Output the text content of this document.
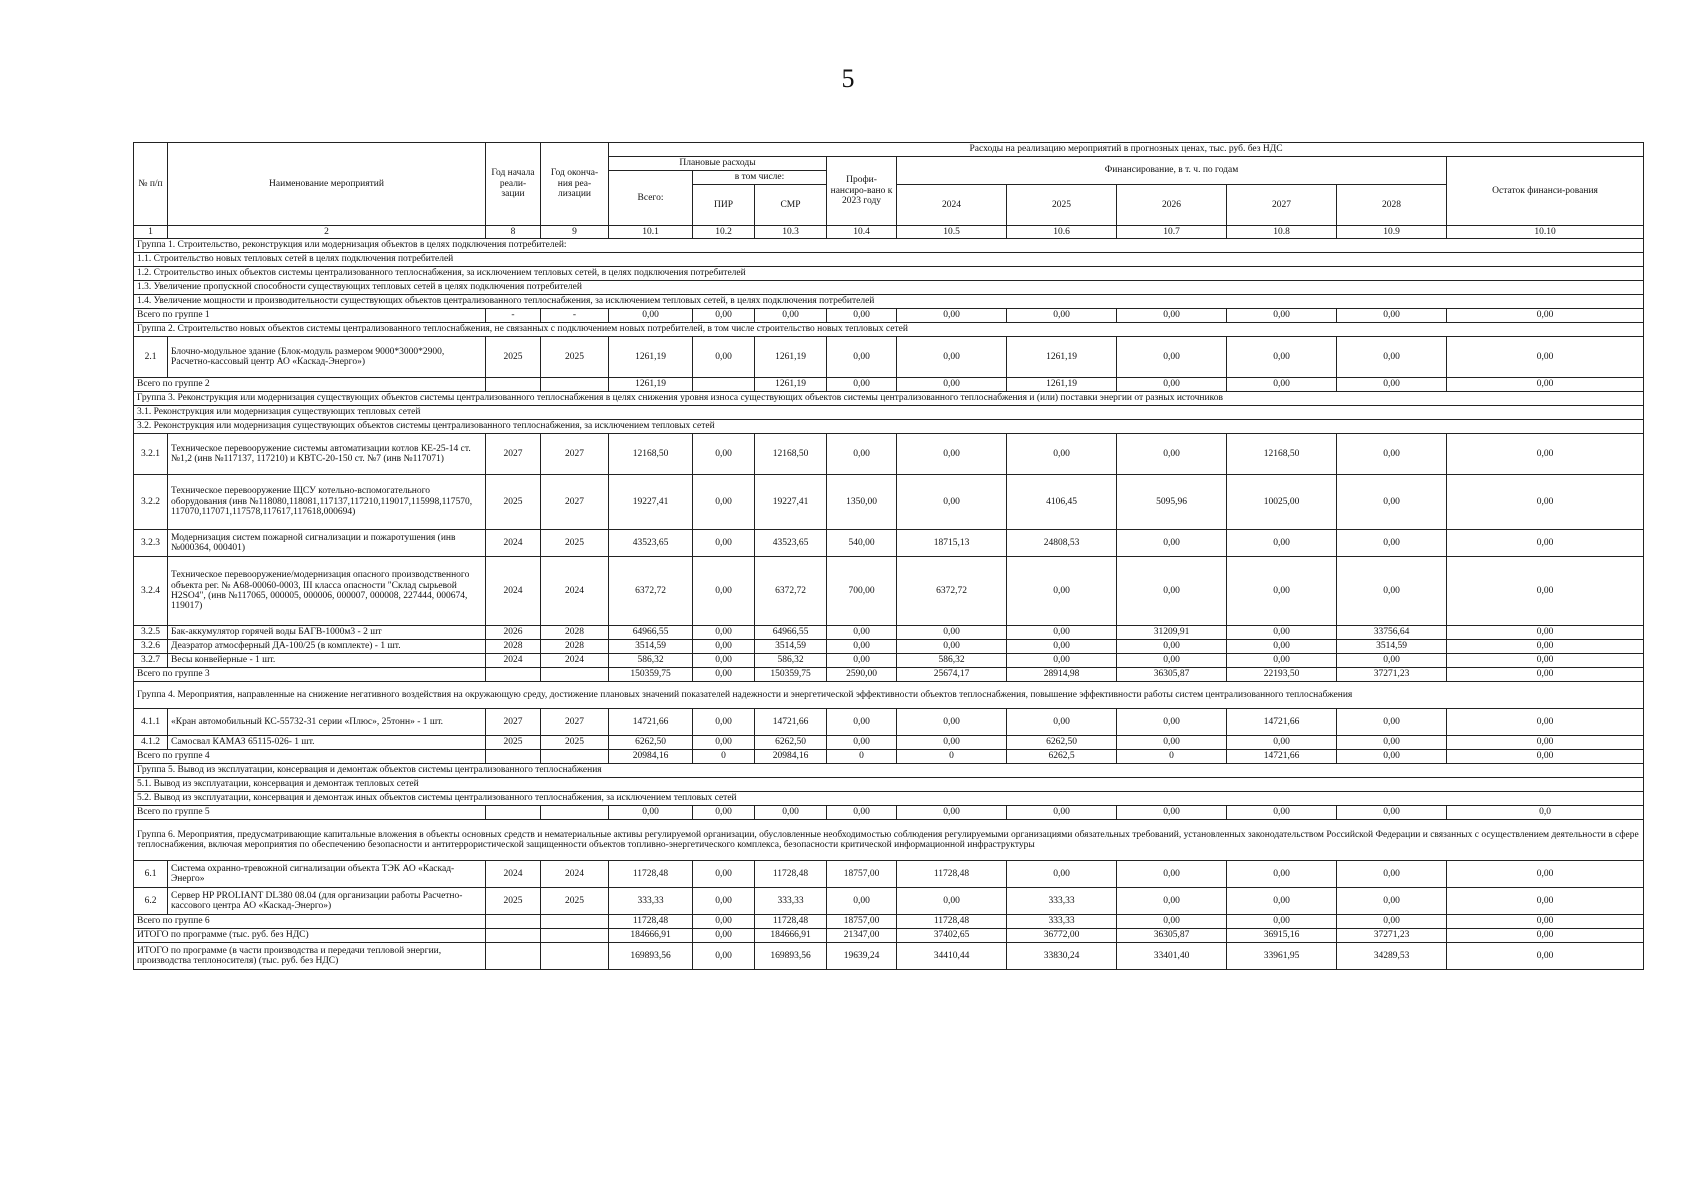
5
№ п/п	Наименование мероприятий	Год начала реали-зации	Год оконча-ния реа-лизации	Расходы на реализацию мероприятий в прогнозных ценах, тыс. руб. без НДС									
				Плановые расходы			Профи-нансиро-вано к 2023 году	Финансирование, в т. ч. по годам					Остаток финанси-рования
				Всего:	в том числе:								
					ПИР	СМР		2024	2025	2026	2027	2028	
1	2	8	9	10.1	10.2	10.3	10.4	10.5	10.6	10.7	10.8	10.9	10.10
Группа 1. Строительство, реконструкция или модернизация объектов в целях подключения потребителей:													
1.1. Строительство новых тепловых сетей в целях подключения потребителей													
1.2. Строительство иных объектов системы централизованного теплоснабжения, за исключением тепловых сетей, в целях подключения потребителей													
1.3. Увеличение пропускной способности существующих тепловых сетей в целях подключения потребителей													
1.4. Увеличение мощности и производительности существующих объектов централизованного теплоснабжения, за исключением тепловых сетей, в целях подключения потребителей													
Всего по группе 1		-	-	0,00	0,00	0,00	0,00	0,00	0,00	0,00	0,00	0,00	0,00
Группа 2. Строительство новых объектов системы централизованного теплоснабжения, не связанных с подключением новых потребителей, в том числе строительство новых тепловых сетей													
2.1	Блочно-модульное здание (Блок-модуль размером 9000*3000*2900, Расчетно-кассовый центр АО «Каскад-Энерго»)	2025	2025	1261,19	0,00	1261,19	0,00	0,00	1261,19	0,00	0,00	0,00	0,00
Всего по группе 2				1261,19		1261,19	0,00	0,00	1261,19	0,00	0,00	0,00	0,00
Группа 3. Реконструкция или модернизация существующих объектов системы централизованного теплоснабжения в целях снижения уровня износа существующих объектов системы централизованного теплоснабжения и (или) поставки энергии от разных источников													
3.1. Реконструкция или модернизация существующих тепловых сетей													
3.2. Реконструкция или модернизация существующих объектов системы централизованного теплоснабжения, за исключением тепловых сетей													
3.2.1	Техническое перевооружение системы автоматизации котлов КЕ-25-14 ст. №1,2 (инв №117137, 117210) и КВТС-20-150 ст. №7 (инв №117071)	2027	2027	12168,50	0,00	12168,50	0,00	0,00	0,00	0,00	12168,50	0,00	0,00
3.2.2	Техническое перевооружение ЩСУ котельно-вспомогательного оборудования (инв №118080,118081,117137,117210,119017,115998,117570, 117070,117071,117578,117617,117618,000694)	2025	2027	19227,41	0,00	19227,41	1350,00	0,00	4106,45	5095,96	10025,00	0,00	0,00
3.2.3	Модернизация систем пожарной сигнализации и пожаротушения (инв №000364, 000401)	2024	2025	43523,65	0,00	43523,65	540,00	18715,13	24808,53	0,00	0,00	0,00	0,00
3.2.4	Техническое перевооружение/модернизация опасного производственного объекта рег. № А68-00060-0003, III класса опасности "Склад сырьевой H2SO4", (инв №117065, 000005, 000006, 000007, 000008, 227444, 000674, 119017)	2024	2024	6372,72	0,00	6372,72	700,00	6372,72	0,00	0,00	0,00	0,00	0,00
3.2.5	Бак-аккумулятор горячей воды БАГВ-1000м3 - 2 шт	2026	2028	64966,55	0,00	64966,55	0,00	0,00	0,00	31209,91	0,00	33756,64	0,00
3.2.6	Деаэратор атмосферный ДА-100/25 (в комплекте) - 1 шт.	2028	2028	3514,59	0,00	3514,59	0,00	0,00	0,00	0,00	0,00	3514,59	0,00
3.2.7	Весы конвейерные - 1 шт.	2024	2024	586,32	0,00	586,32	0,00	586,32	0,00	0,00	0,00	0,00	0,00
Всего по группе 3				150359,75	0,00	150359,75	2590,00	25674,17	28914,98	36305,87	22193,50	37271,23	0,00
Группа 4. Мероприятия, направленные на снижение негативного воздействия на окружающую среду, достижение плановых значений показателей надежности и энергетической эффективности объектов теплоснабжения, повышение эффективности работы систем централизованного теплоснабжения													
4.1.1	«Кран автомобильный КС-55732-31 серии «Плюс», 25тонн» - 1 шт.	2027	2027	14721,66	0,00	14721,66	0,00	0,00	0,00	0,00	14721,66	0,00	0,00
4.1.2	Самосвал КАМАЗ 65115-026- 1 шт.	2025	2025	6262,50	0,00	6262,50	0,00	0,00	6262,50	0,00	0,00	0,00	0,00
Всего по группе 4				20984,16	0	20984,16	0	0	6262,5	0	14721,66	0,00	0,00
Группа 5. Вывод из эксплуатации, консервация и демонтаж объектов системы централизованного теплоснабжения													
5.1. Вывод из эксплуатации, консервация и демонтаж тепловых сетей													
5.2. Вывод из эксплуатации, консервация и демонтаж иных объектов системы централизованного теплоснабжения, за исключением тепловых сетей													
Всего по группе 5				0,00	0,00	0,00	0,00	0,00	0,00	0,00	0,00	0,00	0,0
Группа 6. Мероприятия, предусматривающие капитальные вложения в объекты основных средств и нематериальные активы регулируемой организации, обусловленные необходимостью соблюдения регулируемыми организациями обязательных требований, установленных законодательством Российской Федерации и связанных с осуществлением деятельности в сфере теплоснабжения, включая мероприятия по обеспечению безопасности и антитеррористической защищенности объектов топливно-энергетического комплекса, безопасности критической информационной инфраструктуры													
6.1	Система охранно-тревожной сигнализации объекта ТЭК АО «Каскад-Энерго»	2024	2024	11728,48	0,00	11728,48	18757,00	11728,48	0,00	0,00	0,00	0,00	0,00
6.2	Сервер HP PROLIANT DL380 08.04 (для организации работы Расчетно-кассового центра АО «Каскад-Энерго»)	2025	2025	333,33	0,00	333,33	0,00	0,00	333,33	0,00	0,00	0,00	0,00
Всего по группе 6				11728,48	0,00	11728,48	18757,00	11728,48	333,33	0,00	0,00	0,00	0,00
ИТОГО по программе (тыс. руб. без НДС)				184666,91	0,00	184666,91	21347,00	37402,65	36772,00	36305,87	36915,16	37271,23	0,00
ИТОГО по программе (в части производства и передачи тепловой энергии, производства теплоносителя) (тыс. руб. без НДС)				169893,56	0,00	169893,56	19639,24	34410,44	33830,24	33401,40	33961,95	34289,53	0,00
